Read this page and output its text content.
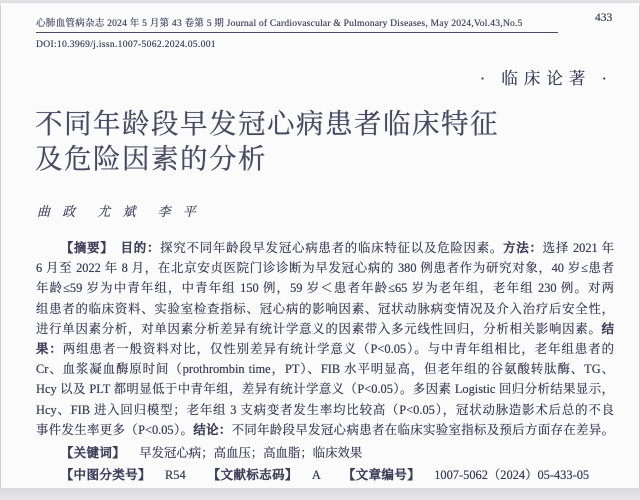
心肺血管病杂志 2024 年 5 月第 43 卷第 5 期 Journal of Cardiovascular & Pulmonary Diseases, May 2024,Vol.43,No.5	433
DOI:10.3969/j.issn.1007-5062.2024.05.001
· 临床论著 ·
不同年龄段早发冠心病患者临床特征
及危险因素的分析
曲 政　尤 斌　李 平
【摘要】　目的：探究不同年龄段早发冠心病患者的临床特征以及危险因素。方法：选择 2021 年
6 月至 2022 年 8 月，在北京安贞医院门诊诊断为早发冠心病的 380 例患者作为研究对象，40 岁≤患者
年龄≤59 岁为中青年组，中青年组 150 例，59 岁＜患者年龄≤65 岁为老年组，老年组 230 例。对两
组患者的临床资料、实验室检查指标、冠心病的影响因素、冠状动脉病变情况及介入治疗后安全性，
进行单因素分析，对单因素分析差异有统计学意义的因素带入多元线性回归，分析相关影响因素。结
果：两组患者一般资料对比，仅性别差异有统计学意义（P<0.05）。与中青年组相比，老年组患者的
Cr、血浆凝血酶原时间（prothrombin time，PT）、FIB 水平明显高，但老年组的谷氨酸转肽酶、TG、
Hcy 以及 PLT 都明显低于中青年组，差异有统计学意义（P<0.05）。多因素 Logistic 回归分析结果显示，
Hcy、FIB 进入回归模型；老年组 3 支病变者发生率均比较高（P<0.05），冠状动脉造影术后总的不良
事件发生率更多（P<0.05）。结论：不同年龄段早发冠心病患者在临床实验室指标及预后方面存在差异。
【关键词】 早发冠心病；高血压；高血脂；临床效果
【中图分类号】 R54 【文献标志码】 A 【文章编号】 1007-5062（2024）05-433-05
